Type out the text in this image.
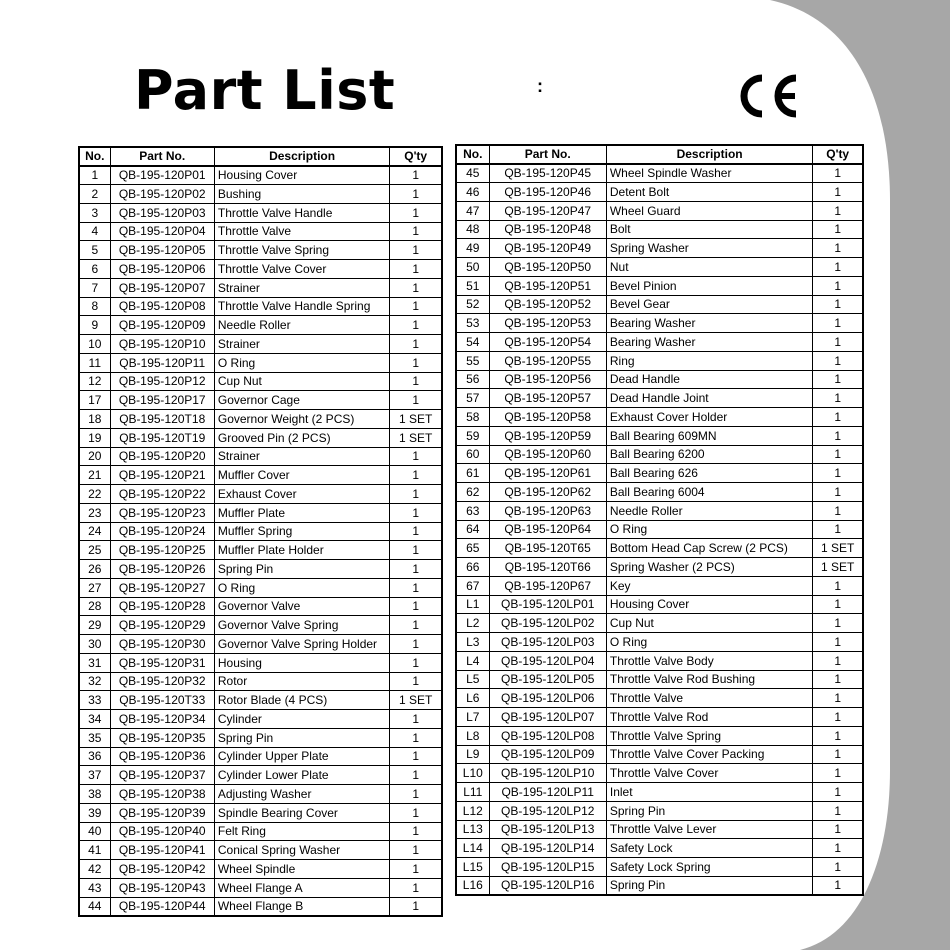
Part List	:
No.	Part No.	Description	Q'ty
1	QB-195-120P01	Housing Cover	1
2	QB-195-120P02	Bushing	1
3	QB-195-120P03	Throttle Valve Handle	1
4	QB-195-120P04	Throttle Valve	1
5	QB-195-120P05	Throttle Valve Spring	1
6	QB-195-120P06	Throttle Valve Cover	1
7	QB-195-120P07	Strainer	1
8	QB-195-120P08	Throttle Valve Handle Spring	1
9	QB-195-120P09	Needle Roller	1
10	QB-195-120P10	Strainer	1
11	QB-195-120P11	O Ring	1
12	QB-195-120P12	Cup Nut	1
17	QB-195-120P17	Governor Cage	1
18	QB-195-120T18	Governor Weight (2 PCS)	1 SET
19	QB-195-120T19	Grooved Pin (2 PCS)	1 SET
20	QB-195-120P20	Strainer	1
21	QB-195-120P21	Muffler Cover	1
22	QB-195-120P22	Exhaust Cover	1
23	QB-195-120P23	Muffler Plate	1
24	QB-195-120P24	Muffler Spring	1
25	QB-195-120P25	Muffler Plate Holder	1
26	QB-195-120P26	Spring Pin	1
27	QB-195-120P27	O Ring	1
28	QB-195-120P28	Governor Valve	1
29	QB-195-120P29	Governor Valve Spring	1
30	QB-195-120P30	Governor Valve Spring Holder	1
31	QB-195-120P31	Housing	1
32	QB-195-120P32	Rotor	1
33	QB-195-120T33	Rotor Blade (4 PCS)	1 SET
34	QB-195-120P34	Cylinder	1
35	QB-195-120P35	Spring Pin	1
36	QB-195-120P36	Cylinder Upper Plate	1
37	QB-195-120P37	Cylinder Lower Plate	1
38	QB-195-120P38	Adjusting Washer	1
39	QB-195-120P39	Spindle Bearing Cover	1
40	QB-195-120P40	Felt Ring	1
41	QB-195-120P41	Conical Spring Washer	1
42	QB-195-120P42	Wheel Spindle	1
43	QB-195-120P43	Wheel Flange A	1
44	QB-195-120P44	Wheel Flange B	1
No.	Part No.	Description	Q'ty
45	QB-195-120P45	Wheel Spindle Washer	1
46	QB-195-120P46	Detent Bolt	1
47	QB-195-120P47	Wheel Guard	1
48	QB-195-120P48	Bolt	1
49	QB-195-120P49	Spring Washer	1
50	QB-195-120P50	Nut	1
51	QB-195-120P51	Bevel Pinion	1
52	QB-195-120P52	Bevel Gear	1
53	QB-195-120P53	Bearing Washer	1
54	QB-195-120P54	Bearing Washer	1
55	QB-195-120P55	Ring	1
56	QB-195-120P56	Dead Handle	1
57	QB-195-120P57	Dead Handle Joint	1
58	QB-195-120P58	Exhaust Cover Holder	1
59	QB-195-120P59	Ball Bearing 609MN	1
60	QB-195-120P60	Ball Bearing 6200	1
61	QB-195-120P61	Ball Bearing 626	1
62	QB-195-120P62	Ball Bearing 6004	1
63	QB-195-120P63	Needle Roller	1
64	QB-195-120P64	O Ring	1
65	QB-195-120T65	Bottom Head Cap Screw (2 PCS)	1 SET
66	QB-195-120T66	Spring Washer (2 PCS)	1 SET
67	QB-195-120P67	Key	1
L1	QB-195-120LP01	Housing Cover	1
L2	QB-195-120LP02	Cup Nut	1
L3	QB-195-120LP03	O Ring	1
L4	QB-195-120LP04	Throttle Valve Body	1
L5	QB-195-120LP05	Throttle Valve Rod Bushing	1
L6	QB-195-120LP06	Throttle Valve	1
L7	QB-195-120LP07	Throttle Valve Rod	1
L8	QB-195-120LP08	Throttle Valve Spring	1
L9	QB-195-120LP09	Throttle Valve Cover Packing	1
L10	QB-195-120LP10	Throttle Valve Cover	1
L11	QB-195-120LP11	Inlet	1
L12	QB-195-120LP12	Spring Pin	1
L13	QB-195-120LP13	Throttle Valve Lever	1
L14	QB-195-120LP14	Safety Lock	1
L15	QB-195-120LP15	Safety Lock Spring	1
L16	QB-195-120LP16	Spring Pin	1
